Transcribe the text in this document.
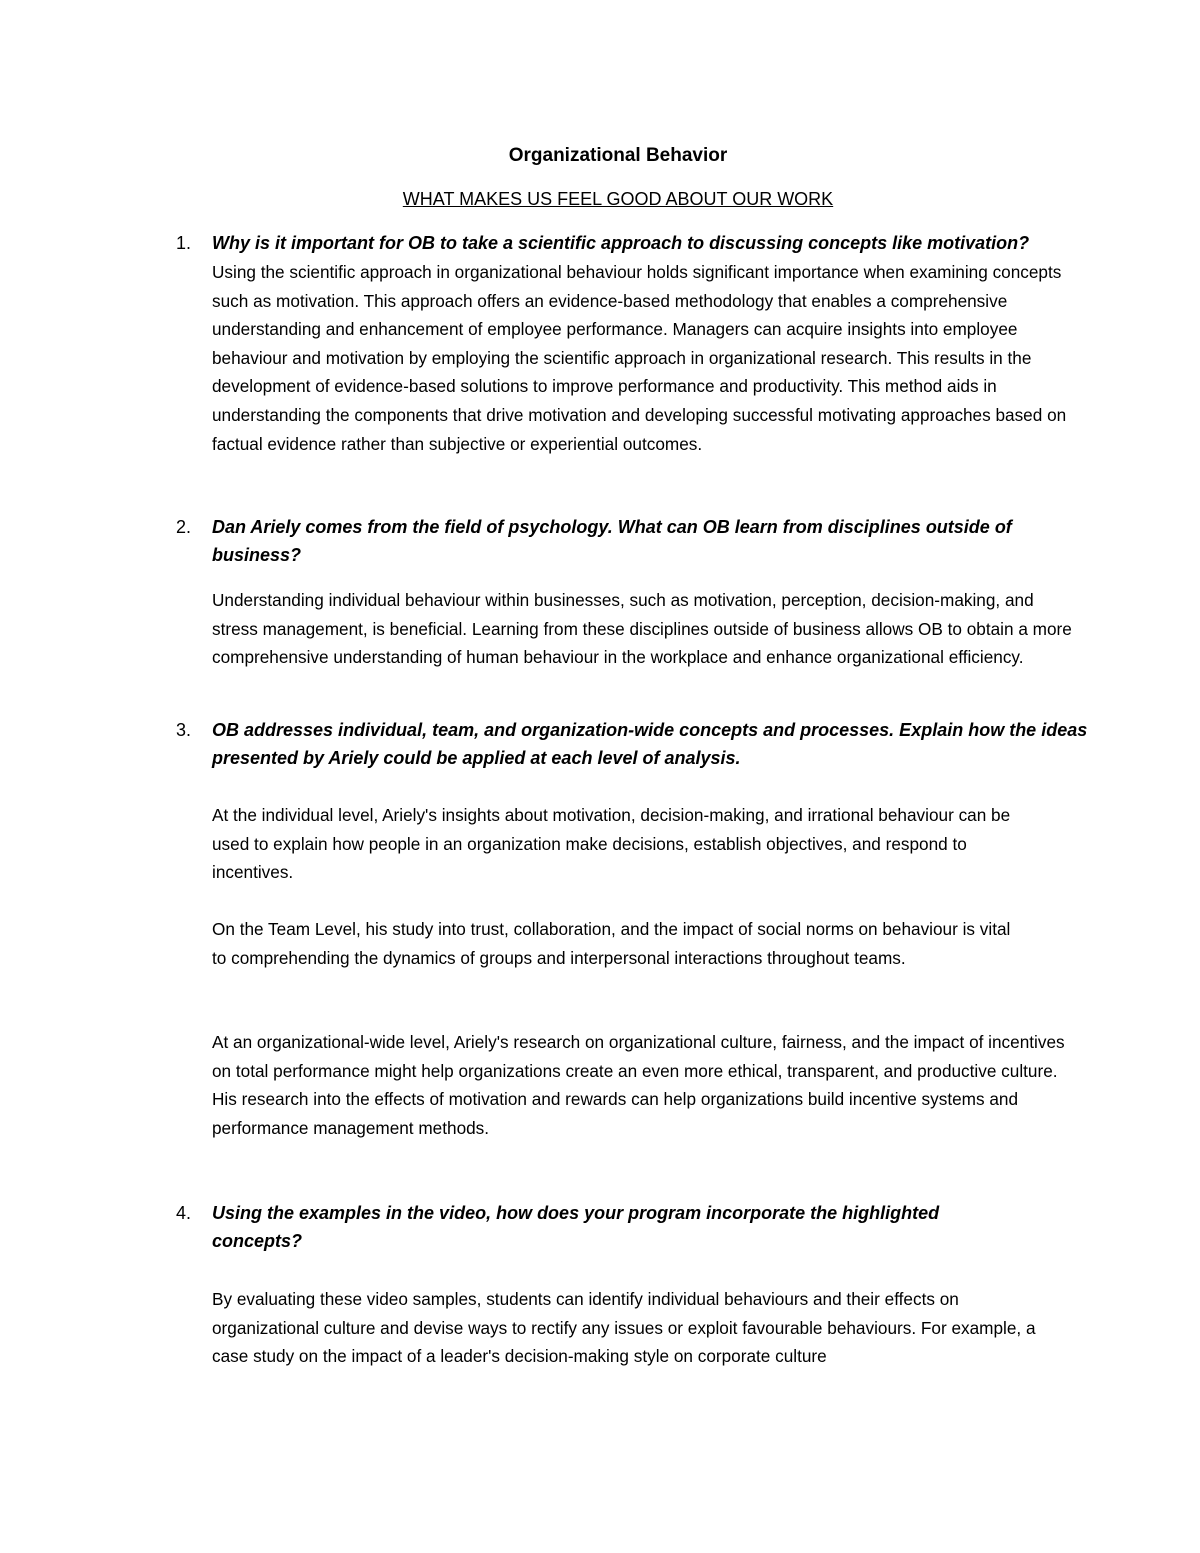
Organizational Behavior
WHAT MAKES US FEEL GOOD ABOUT OUR WORK
1. Why is it important for OB to take a scientific approach to discussing concepts like motivation?
Using the scientific approach in organizational behaviour holds significant importance when examining concepts such as motivation. This approach offers an evidence-based methodology that enables a comprehensive understanding and enhancement of employee performance. Managers can acquire insights into employee behaviour and motivation by employing the scientific approach in organizational research. This results in the development of evidence-based solutions to improve performance and productivity. This method aids in understanding the components that drive motivation and developing successful motivating approaches based on factual evidence rather than subjective or experiential outcomes.
2. Dan Ariely comes from the field of psychology. What can OB learn from disciplines outside of business?
Understanding individual behaviour within businesses, such as motivation, perception, decision-making, and stress management, is beneficial. Learning from these disciplines outside of business allows OB to obtain a more comprehensive understanding of human behaviour in the workplace and enhance organizational efficiency.
3. OB addresses individual, team, and organization-wide concepts and processes. Explain how the ideas presented by Ariely could be applied at each level of analysis.
At the individual level, Ariely's insights about motivation, decision-making, and irrational behaviour can be used to explain how people in an organization make decisions, establish objectives, and respond to incentives.
On the Team Level, his study into trust, collaboration, and the impact of social norms on behaviour is vital to comprehending the dynamics of groups and interpersonal interactions throughout teams.
At an organizational-wide level, Ariely's research on organizational culture, fairness, and the impact of incentives on total performance might help organizations create an even more ethical, transparent, and productive culture. His research into the effects of motivation and rewards can help organizations build incentive systems and performance management methods.
4. Using the examples in the video, how does your program incorporate the highlighted concepts?
By evaluating these video samples, students can identify individual behaviours and their effects on organizational culture and devise ways to rectify any issues or exploit favourable behaviours. For example, a case study on the impact of a leader's decision-making style on corporate culture
